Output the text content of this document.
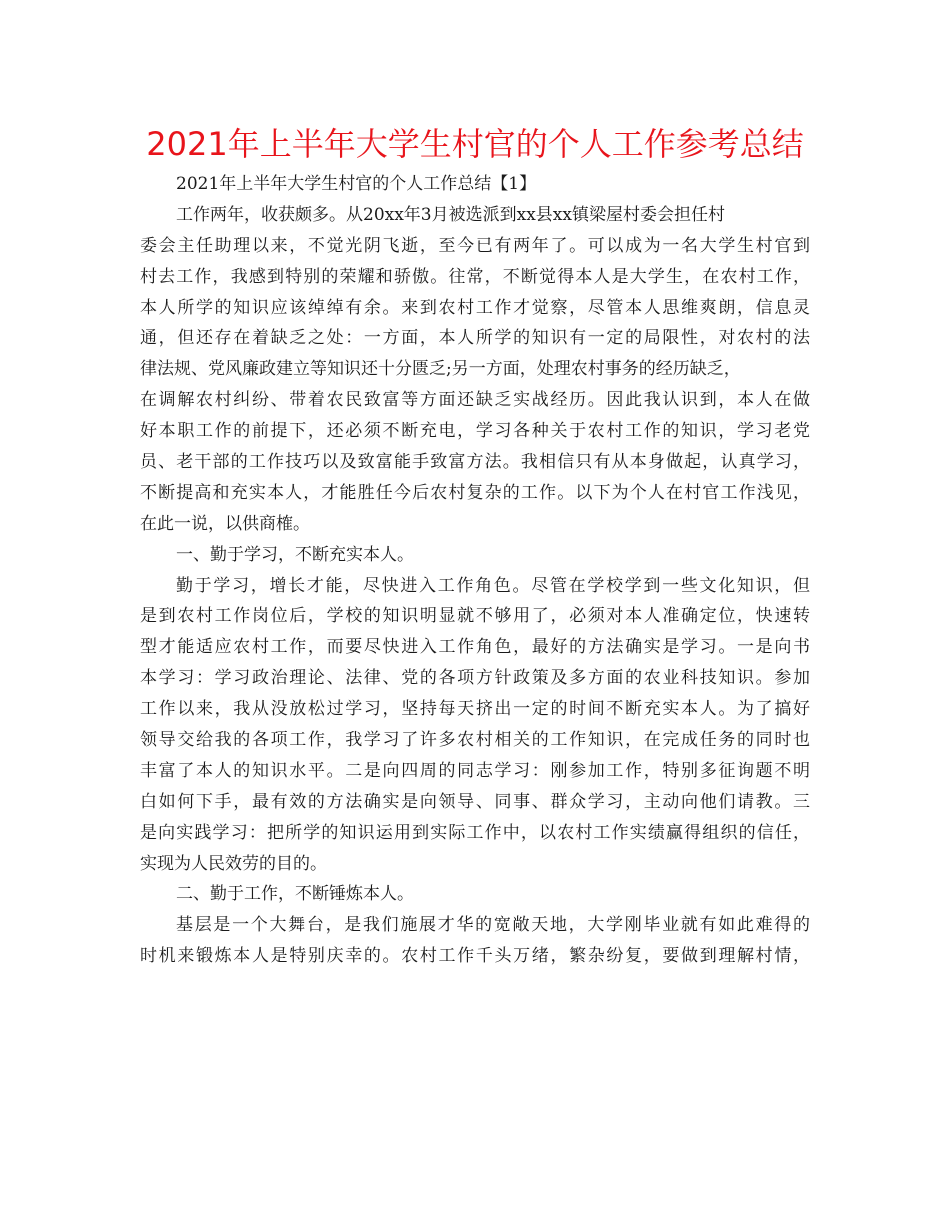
2021年上半年大学生村官的个人工作参考总结
2021年上半年大学生村官的个人工作总结【1】
工作两年，收获颇多。从20xx年3月被选派到xx县xx镇梁屋村委会担任村
委会主任助理以来，不觉光阴飞逝，至今已有两年了。可以成为一名大学生村官到
村去工作，我感到特别的荣耀和骄傲。往常，不断觉得本人是大学生，在农村工作，
本人所学的知识应该绰绰有余。来到农村工作才觉察，尽管本人思维爽朗，信息灵
通，但还存在着缺乏之处：一方面，本人所学的知识有一定的局限性，对农村的法
律法规、党风廉政建立等知识还十分匮乏;另一方面，处理农村事务的经历缺乏，
在调解农村纠纷、带着农民致富等方面还缺乏实战经历。因此我认识到，本人在做
好本职工作的前提下，还必须不断充电，学习各种关于农村工作的知识，学习老党
员、老干部的工作技巧以及致富能手致富方法。我相信只有从本身做起，认真学习，
不断提高和充实本人，才能胜任今后农村复杂的工作。以下为个人在村官工作浅见，
在此一说，以供商榷。
一、勤于学习，不断充实本人。
勤于学习，增长才能，尽快进入工作角色。尽管在学校学到一些文化知识，但
是到农村工作岗位后，学校的知识明显就不够用了，必须对本人准确定位，快速转
型才能适应农村工作，而要尽快进入工作角色，最好的方法确实是学习。一是向书
本学习：学习政治理论、法律、党的各项方针政策及多方面的农业科技知识。参加
工作以来，我从没放松过学习，坚持每天挤出一定的时间不断充实本人。为了搞好
领导交给我的各项工作，我学习了许多农村相关的工作知识，在完成任务的同时也
丰富了本人的知识水平。二是向四周的同志学习：刚参加工作，特别多征询题不明
白如何下手，最有效的方法确实是向领导、同事、群众学习，主动向他们请教。三
是向实践学习：把所学的知识运用到实际工作中，以农村工作实绩赢得组织的信任，
实现为人民效劳的目的。
二、勤于工作，不断锤炼本人。
基层是一个大舞台，是我们施展才华的宽敞天地，大学刚毕业就有如此难得的
时机来锻炼本人是特别庆幸的。农村工作千头万绪，繁杂纷复，要做到理解村情，
